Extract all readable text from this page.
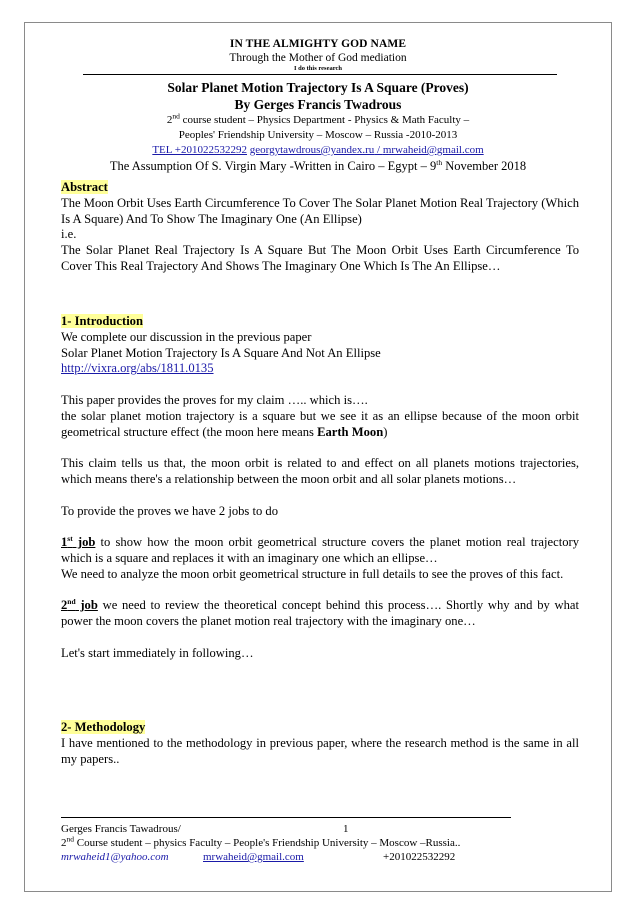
IN THE ALMIGHTY GOD NAME
Through the Mother of God mediation
I do this research
Solar Planet Motion Trajectory Is A Square (Proves)
By Gerges Francis Twadrous
2nd course student – Physics Department - Physics & Math Faculty –
Peoples' Friendship University – Moscow – Russia -2010-2013
TEL +201022532292 georgytawdrous@yandex.ru / mrwaheid@gmail.com
The Assumption Of S. Virgin Mary -Written in Cairo – Egypt – 9th November 2018
Abstract
The Moon Orbit Uses Earth Circumference To Cover The Solar Planet Motion Real Trajectory (Which Is A Square) And To Show The Imaginary One (An Ellipse)
i.e.
The Solar Planet Real Trajectory Is A Square But The Moon Orbit Uses Earth Circumference To Cover This Real Trajectory And Shows The Imaginary One Which Is The An Ellipse…
1- Introduction
We complete our discussion in the previous paper
Solar Planet Motion Trajectory Is A Square And Not An Ellipse
http://vixra.org/abs/1811.0135
This paper provides the proves for my claim ….. which is….
the solar planet motion trajectory is a square but we see it as an ellipse because of the moon orbit geometrical structure effect (the moon here means Earth Moon)
This claim tells us that, the moon orbit is related to and effect on all planets motions trajectories, which means there's a relationship between the moon orbit and all solar planets motions…
To provide the proves we have 2 jobs to do
1st job to show how the moon orbit geometrical structure covers the planet motion real trajectory which is a square and replaces it with an imaginary one which an ellipse…
We need to analyze the moon orbit geometrical structure in full details to see the proves of this fact.
2nd job we need to review the theoretical concept behind this process…. Shortly why and by what power the moon covers the planet motion real trajectory with the imaginary one…
Let's start immediately in following…
2- Methodology
I have mentioned to the methodology in previous paper, where the research method is the same in all my papers..
Gerges Francis Tawadrous/	1
2nd Course student – physics Faculty – People's Friendship University – Moscow –Russia..
mrwaheid1@yahoo.com	mrwaheid@gmail.com	+201022532292
